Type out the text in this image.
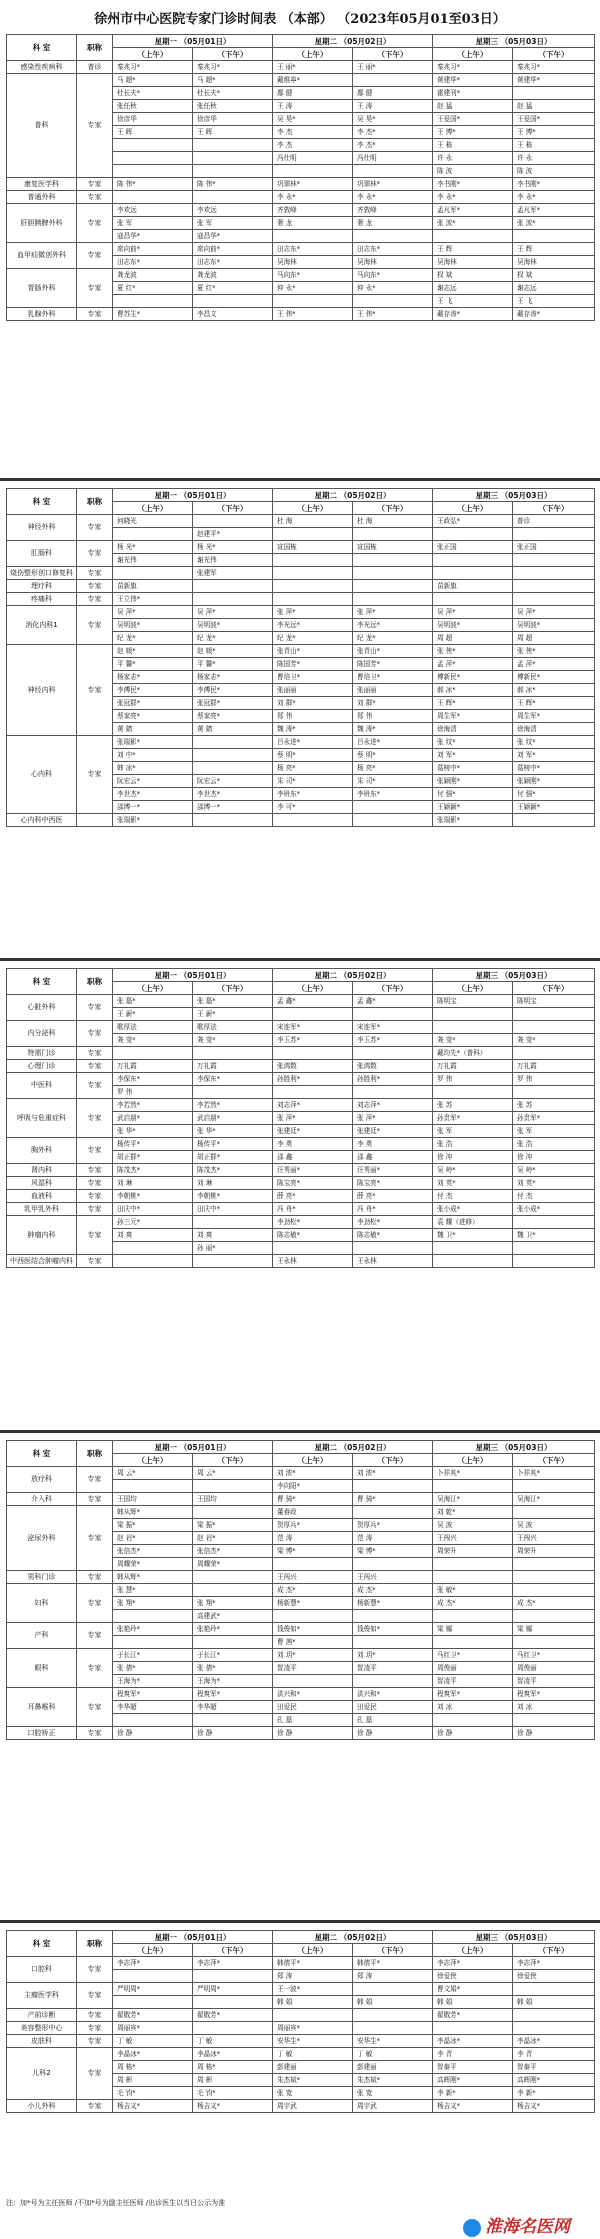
徐州市中心医院专家门诊时间表 （本部） （2023年05月01至03日）
科 室	职称	星期一 （05月01日）		星期二 （05月02日）		星期三 （05月03日）	
		（上午）	（下午）	（上午）	（下午）	（上午）	（下午）
感染性疾病科	普诊	秦兆习*	秦兆习*	王 丽*	王 丽*	秦兆习*	秦兆习*
普科	专家	马 超*	马 超*	戴维寧*		黄建华*	黄建华*
		杜长夫*	杜长夫*	鄢 健	鄢 健	霍建刊*	
		张任秋	张任秋	王 涛	王 涛	赵 猛	赵 猛
		徐彦华	徐彦华	吴 昊*	吴 昊*	王爱国*	王爱国*
		王 晖	王 晖	李 杰	李 杰*	王 博*	王 博*
				李 杰	李 杰*	王 栋	王 栋
				冯仕明	冯仕明	许 永	许 永
						陈 波	陈 波
康复医学科	专家	陈 伟*	陈 伟*	巩翠林*	巩翠林*	李书刚*	李书刚*
普通外科	专家			李 永*	李 永*	李 永*	李 永*
肝胆胰脾外科	专家	李欢远	李欢远	齐敦峰	齐敦峰	孟凡军*	孟凡军*
		张 军	张 军	奢 龙	奢 龙	张 波*	张 波*
		寇昌华*	寇昌华*				
血甲疝微创外科	专家	席向前*	席向前*	田志东*	田志东*	王 辉	王 辉
		田志东*	田志东*	吴海林	吴海林	吴海林	吴海林
胃肠外科	专家	龚龙波	龚龙波	马向东*	马向东*	权 斌	权 斌
		夏 红*	夏 红*	仲 永*	仲 永*	谢志远	谢志远
						王 飞	王 飞
乳腺外科	专家	曹苏生*	李昌文	王 伟*	王 伟*	戴存涛*	戴存涛*
科 室	职称	星期一 （05月01日）		星期二 （05月02日）		星期三 （05月03日）	
		（上午）	（下午）	（上午）	（下午）	（上午）	（下午）
神经外科	专家	何晓光		杜 海	杜 海	王政弘*	普诊
			赵建平*				
肛肠科	专家	杨 光*	杨 光*	宣国栋	宣国栋	张正国	张正国
		谢光伟	谢光伟				
烧伤整形创口修复科	专家		张建军				
理疗科	专家	苗新旗				苗新旗	
疼痛科	专家	王立伟*					
消化内科1	专家	吴 萍*	吴 萍*	张 萍*	张 萍*	吴 萍*	吴 萍*
		吴明波*	吴明波*	李光远*	李光远*	吴明波*	吴明波*
		纪 龙*	纪 龙*	纪 龙*	纪 龙*	周 超	周 超
神经内科	专家	赵 媛*	赵 媛*	张青山*	张青山*	张 侠*	张 侠*
		平 馨*	平 馨*	陈国芳*	陈国芳*	孟 萍*	孟 萍*
		杨家志*	杨家志*	曹培卫*	曹培卫*	傅新民*	傅新民*
		李傅民*	李傅民*	张丽丽	张丽丽	郝 冰*	郝 冰*
		张冠群*	张冠群*	刘 群*	刘 群*	王 辉*	王 辉*
		蔡家亮*	蔡家亮*	郑 伟	郑 伟	周生军*	周生军*
		黄 婧	黄 婧	魏 涛*	魏 涛*	徐海清	徐海清
心内科	专家	张瑞影*		吕永进*	吕永进*	张 纹*	张 纹*
		刘 中*		蔡 明*	蔡 明*	刘 军*	刘 军*
		韩 冰*		杨 亮*	杨 亮*	葛树中*	葛树中*
		阮宏云*	阮宏云*	朱 司*	朱 司*	张颖刚*	张颖刚*
		李世杰*	李世杰*	李班东*	李班东*	付 强*	付 强*
		邵博一*	邵博一*	李 可*		王颖颖*	王颖颖*
心内科中西医		张瑞影*				张瑞影*	
科 室	职称	星期一 （05月01日）		星期二 （05月02日）		星期三 （05月03日）	
		（上午）	（下午）	（上午）	（下午）	（上午）	（下午）
心脏外科	专家	张 磊*	张 磊*	孟 鑫*	孟 鑫*	陈明宝	陈明宝
		王 薪*	王 薪*				
内分泌科	专家	歌厚法	歌厚法	宋连军*	宋连军*		
		龚 莹*	龚 莹*	李玉苏*	李玉苏*	龚 莹*	龚 莹*
特需门诊	专家					戴均先*（普科）	
心理门诊	专家	万礼霞	万礼霞	张鸿数	张鸿数	万礼霞	万礼霞
中医科	专家	李保东*	李保东*	孙胜利*	孙胜利*	罗 伟	罗 伟
		罗 伟					
呼吸与危重症科	专家	李若然*	李若然*	刘志萍*	刘志萍*	张 苏	张 苏
		武启朋*	武启朋*	张 萍*	张 萍*	孙贵军*	孙贵军*
		张 华*	张 华*	张建廷*	张建廷*	张 军	张 军
胸外科	专家	杨传平*	杨传平*	李 勇	李 勇	张 浩	张 浩
		胡正群*	胡正群*	邵 鑫	邵 鑫	徐 冲	徐 冲
肾内科	专家	陈茂杰*	陈茂杰*	汪秀丽*	汪秀丽*	吴 岭*	吴 岭*
风湿科	专家	刘 琳	刘 琳	陈宝亮*	陈宝亮*	刘 英*	刘 英*
血液科	专家	李朝桃*	李朝桃*	薛 亮*	薛 亮*	付 杰	付 杰
乳甲乳外科	专家	田庆中*	田庆中*	冯 舟*	冯 舟*	张小成*	张小成*
肿瘤内科	专家	孙三元*		李劲松*	李劲松*	袁 耀（进修）	
		刘 爽	刘 爽	陈志敏*	陈志敏*	魏 卫*	魏 卫*
			孙 丽*				
中西医结合肿瘤内科	专家			王永林	王永林		
科 室	职称	星期一 （05月01日）		星期二 （05月02日）		星期三 （05月03日）	
		（上午）	（下午）	（上午）	（下午）	（上午）	（下午）
放疗科	专家	周 云*	周 云*	刘 浓*	刘 浓*	卜祥兆*	卜祥兆*
				李向阳*			
介入科	专家	王国均	王国均	曹 骑*	曹 骑*	吴海江*	吴海江*
泌尿外科	专家	韩从辉*		董春政		刘 乾*	
		梁 振*	梁 振*	贺厚兵*	贺厚兵*	吴 波	吴 波
		赵 岩*	赵 岩*	范 涛	范 涛	王闯兴	王闯兴
		张信杰*	张信杰*	梁 博*	梁 博*	周荣升	周荣升
		周耀荣*	周耀荣*				
男科门诊	专家	韩从辉*		王闯兴	王闯兴		
妇科	专家	张 慧*		成 杰*	成 杰*	张 敏*	
		张 翔*	张 翔*	杨新慧*	杨新慧*	成 杰*	成 杰*
			高建武*				
产科	专家	张艳玲*	张艳玲*	钱俊如*	钱俊如*	梁 娜	梁 娜
				曹 茜*			
眼科	专家	于长江*	于长江*	刘 玥*	刘 玥*	马红卫*	马红卫*
		张 倩*	张 倩*	智凌平	智凌平	周俊丽	周俊丽
		王海为*	王海为*			智凌平	智凌平
耳鼻喉科	专家	程爽军*	程爽军*	洪兴和*	洪兴和*	程爽军*	程爽军*
		李华超	李华超	田爱民	田爱民	刘 冰	刘 冰
				孔 磊	孔 磊		
口腔矫正	专家	徐 静	徐 静	徐 静	徐 静	徐 静	徐 静
科 室	职称	星期一 （05月01日）		星期二 （05月02日）		星期三 （05月03日）	
		（上午）	（下午）	（上午）	（下午）	（上午）	（下午）
口腔科	专家	李志萍*	李志萍*	韩倩平*	韩倩平*	李志萍*	李志萍*
				郑 涛	郑 涛	徐爱侠	徐爱侠
主瘤医学科	专家	严明周*	严明周*	王一波*		曹文娟*	
				韩 娟	韩 娟	韩 娟	韩 娟
产前诊断	专家	翟敬芳*	翟敬芳*			翟敬芳*	
美容整形中心	专家	周丽宾*		周丽宾*			
皮肤科	专家	丁 敏	丁 敏	安华生*	安华生*	李晶冰*	李晶冰*
儿科2	专家	李晶冰*	李晶冰*	丁 敏	丁 敏	李 青	李 青
		周 栋*	周 栋*	彭建丽	彭建丽	智泰平	智泰平
		周 彬	周 彬	朱杰斌*	朱杰斌*	高晖刚*	高晖刚*
		毛 钧*	毛 钧*	张 宽	张 宽	李 新*	李 新*
小儿外科	专家	杨吉义*	杨吉义*	周宇武	周宇武	杨吉义*	杨吉义*
注：加*号为主任医师 /不加*号为副主任医师 /出诊医生以当日公示为准
淮海名医网
